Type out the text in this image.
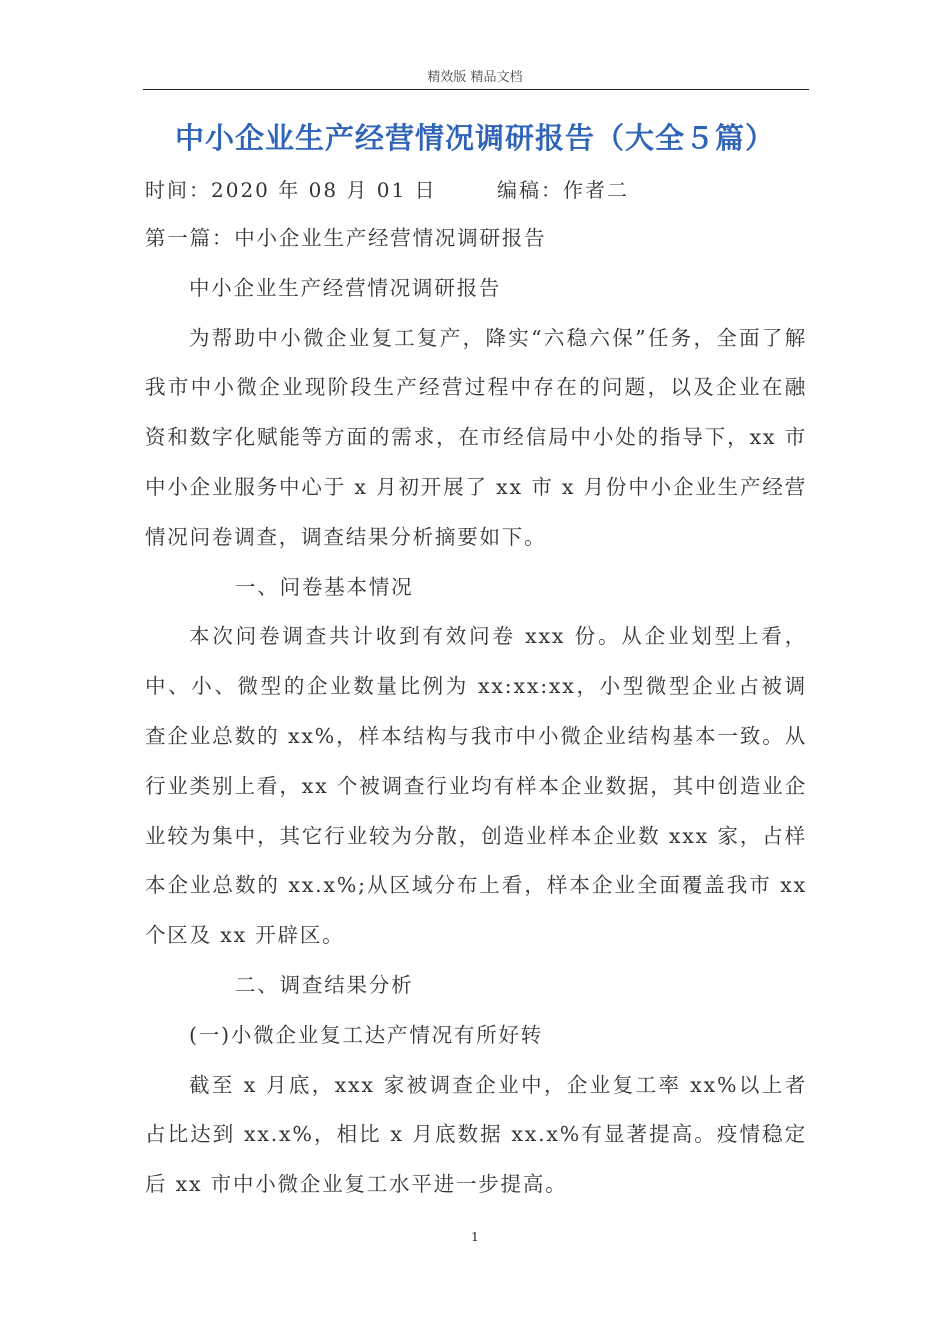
精效版 精品文档
中小企业生产经营情况调研报告（大全５篇）
时间：2020 年 08 月 01 日	编稿：作者二

第一篇：中小企业生产经营情况调研报告

中小企业生产经营情况调研报告

为帮助中小微企业复工复产，降实“六稳六保”任务，全面了解我市中小微企业现阶段生产经营过程中存在的问题，以及企业在融资和数字化赋能等方面的需求，在市经信局中小处的指导下，xx 市中小企业服务中心于 x 月初开展了 xx 市 x 月份中小企业生产经营情况问卷调查，调查结果分析摘要如下。

一、问卷基本情况

本次问卷调查共计收到有效问卷 xxx 份。从企业划型上看，中、小、微型的企业数量比例为 xx:xx:xx，小型微型企业占被调查企业总数的 xx%，样本结构与我市中小微企业结构基本一致。从行业类别上看，xx 个被调查行业均有样本企业数据，其中创造业企业较为集中，其它行业较为分散，创造业样本企业数 xxx 家，占样本企业总数的 xx.x%;从区域分布上看，样本企业全面覆盖我市 xx 个区及 xx 开辟区。

二、调查结果分析

(一)小微企业复工达产情况有所好转

截至 x 月底，xxx 家被调查企业中，企业复工率 xx%以上者占比达到 xx.x%，相比 x 月底数据 xx.x%有显著提高。疫情稳定后 xx 市中小微企业复工水平进一步提高。

1
